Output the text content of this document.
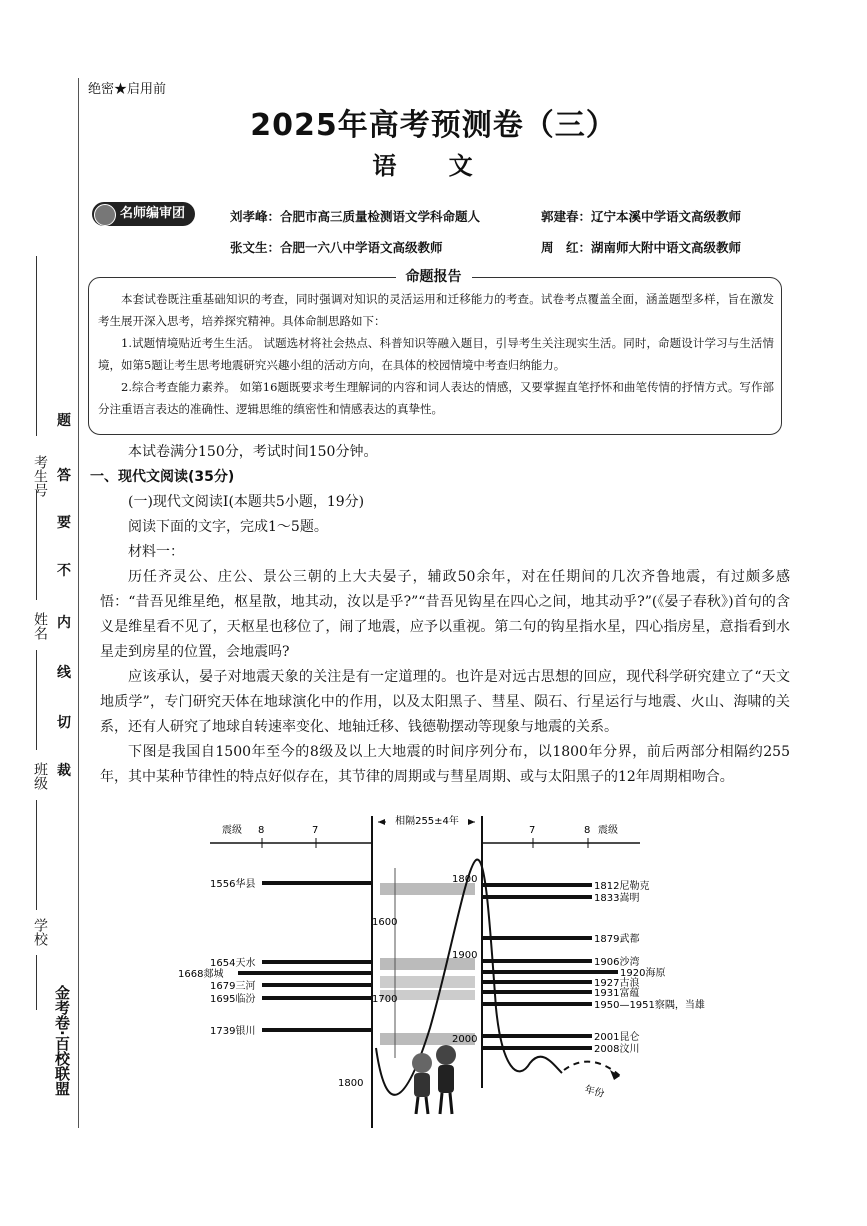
考生号
姓名
班级
学校
题
答
要
不
内
线
切
裁
金考卷·百校联盟
绝密★启用前
2025年高考预测卷（三）
语 文
名师编审团	刘孝峰：合肥市高三质量检测语文学科命题人	郭建春：辽宁本溪中学语文高级教师
张文生：合肥一六八中学语文高级教师	周　红：湖南师大附中语文高级教师
命题报告

本套试卷既注重基础知识的考查，同时强调对知识的灵活运用和迁移能力的考查。试卷考点覆盖全面，涵盖题型多样，旨在激发考生展开深入思考，培养探究精神。具体命制思路如下：

1.试题情境贴近考生生活。 试题选材将社会热点、科普知识等融入题目，引导考生关注现实生活。同时，命题设计学习与生活情境，如第5题让考生思考地震研究兴趣小组的活动方向，在具体的校园情境中考查归纳能力。

2.综合考查能力素养。 如第16题既要求考生理解词的内容和词人表达的情感，又要掌握直笔抒怀和曲笔传情的抒情方式。写作部分注重语言表达的准确性、逻辑思维的缜密性和情感表达的真挚性。

本试卷满分150分，考试时间150分钟。

一、现代文阅读(35分)

(一)现代文阅读Ⅰ(本题共5小题，19分)

阅读下面的文字，完成1～5题。

材料一：

历任齐灵公、庄公、景公三朝的上大夫晏子，辅政50余年，对在任期间的几次齐鲁地震，有过颇多感悟：“昔吾见维星绝，枢星散，地其动，汝以是乎?”“昔吾见钩星在四心之间，地其动乎?”(《晏子春秋》)首句的含义是维星看不见了，天枢星也移位了，闹了地震，应予以重视。第二句的钩星指水星，四心指房星，意指看到水星走到房星的位置，会地震吗?

应该承认，晏子对地震天象的关注是有一定道理的。也许是对远古思想的回应，现代科学研究建立了“天文地质学”，专门研究天体在地球演化中的作用，以及太阳黑子、彗星、陨石、行星运行与地震、火山、海啸的关系，还有人研究了地球自转速率变化、地轴迁移、钱德勒摆动等现象与地震的关系。

下图是我国自1500年至今的8级及以上大地震的时间序列分布，以1800年分界，前后两部分相隔约255年，其中某种节律性的特点好似存在，其节律的周期或与彗星周期、或与太阳黑子的12年周期相吻合。

震级 8	7	7	8 震级
相隔255±4年
1600
1700
1800
1800
1900
2000
1556华县
1654天水
1668郯城
1679三河
1695临汾
1739银川
1812尼勒克
1833嵩明
1879武都
1906沙湾
1920海原
1927古浪
1931富蕴
1950—1951察隅，当雄
2001昆仑
2008汶川
年份
